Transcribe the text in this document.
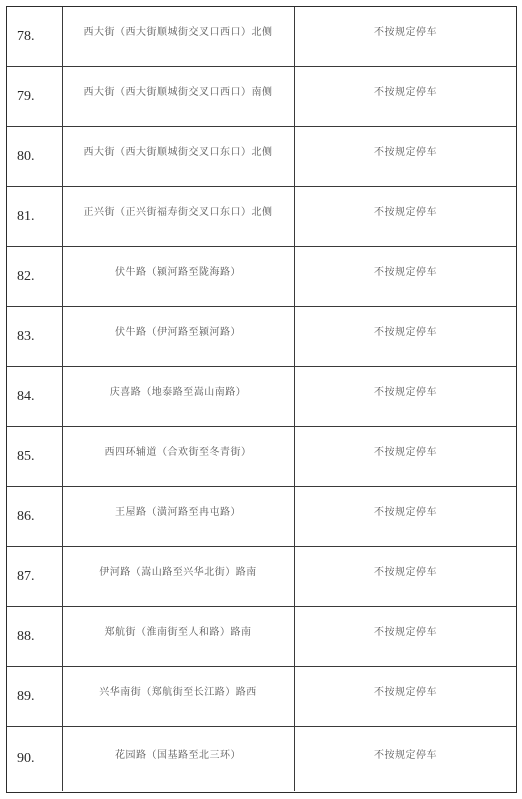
78.	西大街（西大街顺城街交叉口西口）北侧	不按规定停车
79.	西大街（西大街顺城街交叉口西口）南侧	不按规定停车
80.	西大街（西大街顺城街交叉口东口）北侧	不按规定停车
81.	正兴街（正兴街福寿街交叉口东口）北侧	不按规定停车
82.	伏牛路（颍河路至陇海路）	不按规定停车
83.	伏牛路（伊河路至颍河路）	不按规定停车
84.	庆喜路（地泰路至嵩山南路）	不按规定停车
85.	西四环辅道（合欢街至冬青街）	不按规定停车
86.	王屋路（潢河路至冉屯路）	不按规定停车
87.	伊河路（嵩山路至兴华北街）路南	不按规定停车
88.	郑航街（淮南街至人和路）路南	不按规定停车
89.	兴华南街（郑航街至长江路）路西	不按规定停车
90.	花园路（国基路至北三环）	不按规定停车
